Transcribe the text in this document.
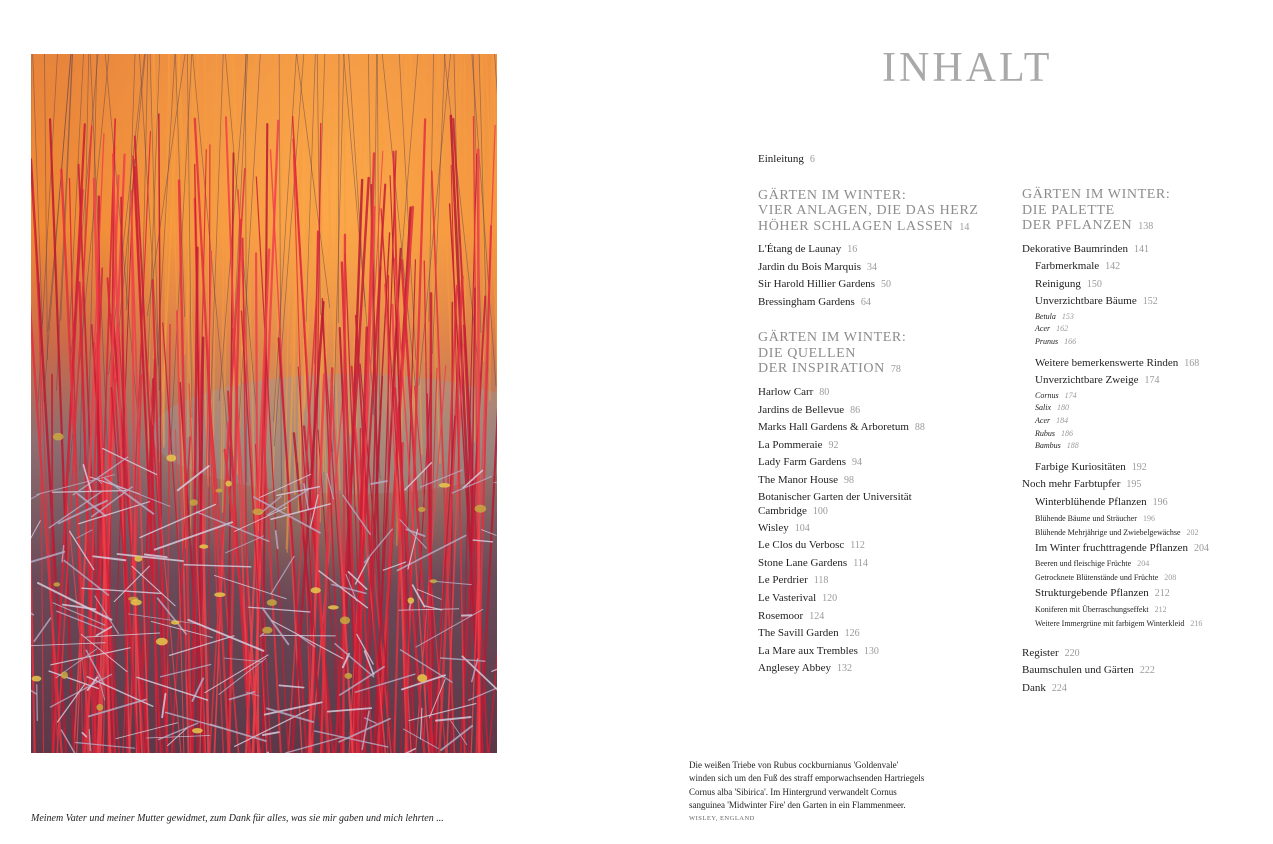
Meinem Vater und meiner Mutter gewidmet, zum Dank für alles, was sie mir gaben und mich lehrten ...
Die weißen Triebe von Rubus cockburnianus 'Goldenvale'
winden sich um den Fuß des straff emporwachsenden Hartriegels
Cornus alba 'Sibirica'. Im Hintergrund verwandelt Cornus
sanguinea 'Midwinter Fire' den Garten in ein Flammenmeer.
WISLEY, ENGLAND
INHALT
Einleitung 6
GÄRTEN IM WINTER:
VIER ANLAGEN, DIE DAS HERZ
HÖHER SCHLAGEN LASSEN 14
L'Étang de Launay 16
Jardin du Bois Marquis 34
Sir Harold Hillier Gardens 50
Bressingham Gardens 64
GÄRTEN IM WINTER:
DIE QUELLEN
DER INSPIRATION 78
Harlow Carr 80
Jardins de Bellevue 86
Marks Hall Gardens & Arboretum 88
La Pommeraie 92
Lady Farm Gardens 94
The Manor House 98
Botanischer Garten der Universität Cambridge 100
Wisley 104
Le Clos du Verbosc 112
Stone Lane Gardens 114
Le Perdrier 118
Le Vasterival 120
Rosemoor 124
The Savill Garden 126
La Mare aux Trembles 130
Anglesey Abbey 132
GÄRTEN IM WINTER:
DIE PALETTE
DER PFLANZEN 138
Dekorative Baumrinden 141
Farbmerkmale 142
Reinigung 150
Unverzichtbare Bäume 152
Betula 153
Acer 162
Prunus 166
Weitere bemerkenswerte Rinden 168
Unverzichtbare Zweige 174
Cornus 174
Salix 180
Acer 184
Rubus 186
Bambus 188
Farbige Kuriositäten 192
Noch mehr Farbtupfer 195
Winterblühende Pflanzen 196
Blühende Bäume und Sträucher 196
Blühende Mehrjährige und Zwiebelgewächse 202
Im Winter fruchttragende Pflanzen 204
Beeren und fleischige Früchte 204
Getrocknete Blütenstände und Früchte 208
Strukturgebende Pflanzen 212
Koniferen mit Überraschungseffekt 212
Weitere Immergrüne mit farbigem Winterkleid 216
Register 220
Baumschulen und Gärten 222
Dank 224
